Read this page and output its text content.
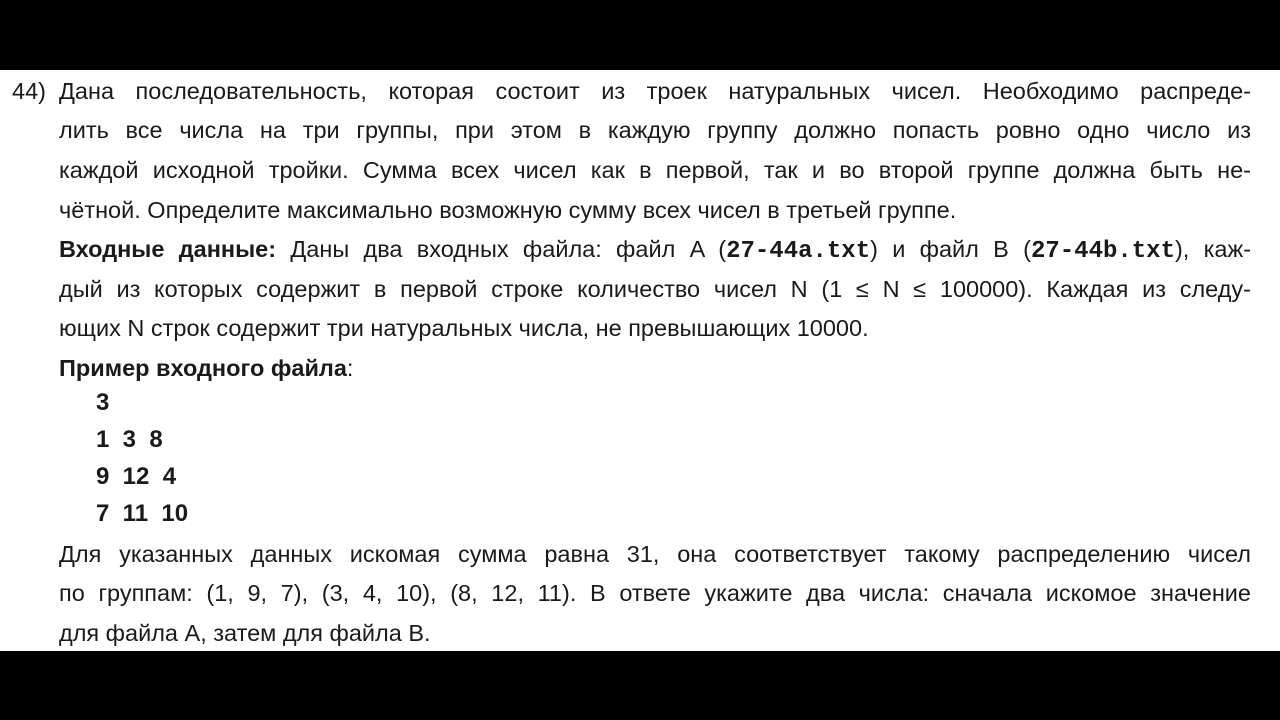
44) Дана последовательность, которая состоит из троек натуральных чисел. Необходимо распреде-
лить все числа на три группы, при этом в каждую группу должно попасть ровно одно число из
каждой исходной тройки. Сумма всех чисел как в первой, так и во второй группе должна быть не-
чётной. Определите максимально возможную сумму всех чисел в третьей группе.
Входные данные: Даны два входных файла: файл A (27-44a.txt) и файл B (27-44b.txt), каж-
дый из которых содержит в первой строке количество чисел N (1 ≤ N ≤ 100000). Каждая из следу-
ющих N строк содержит три натуральных числа, не превышающих 10000.
Пример входного файла:
3
1  3  8
9  12  4
7  11  10
Для указанных данных искомая сумма равна 31, она соответствует такому распределению чисел
по группам: (1, 9, 7), (3, 4, 10), (8, 12, 11). В ответе укажите два числа: сначала искомое значение
для файла A, затем для файла B.
